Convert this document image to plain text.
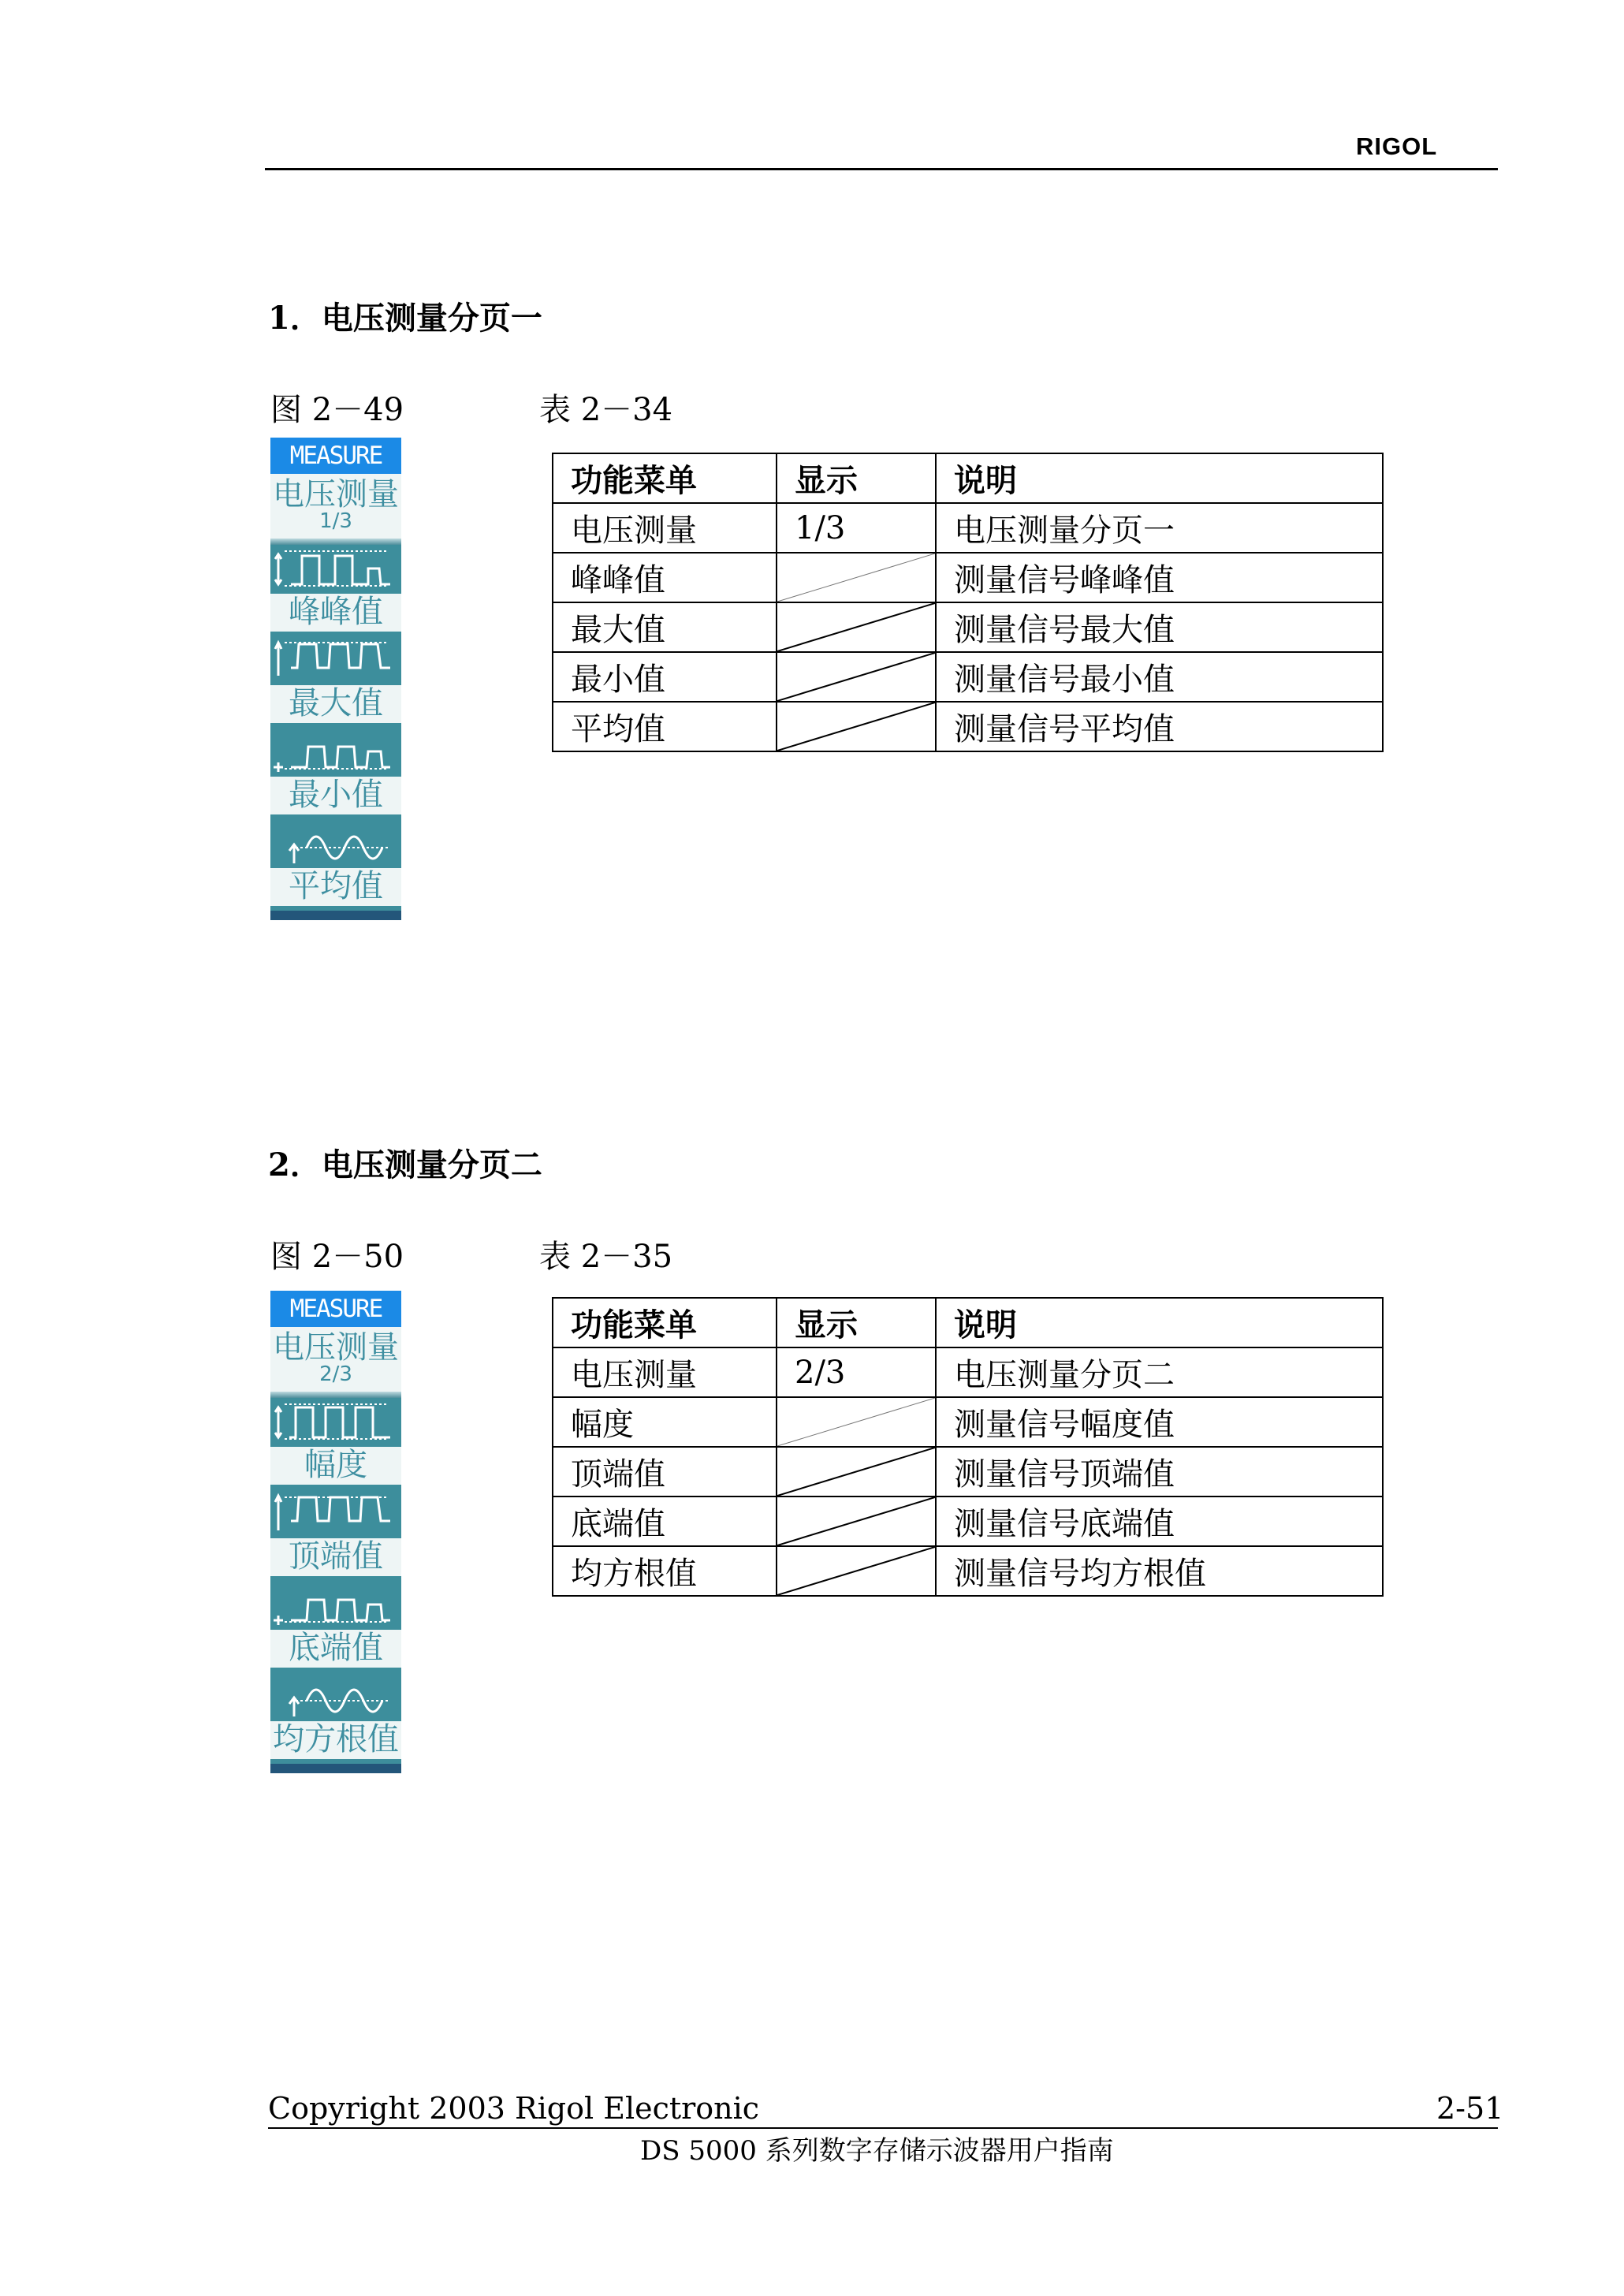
RIGOL
1．电压测量分页一
图 2－49	表 2－34
MEASURE
电压测量
1/3
峰峰值
最大值
最小值
平均值
功能菜单	显示	说明
电压测量	1/3	电压测量分页一
峰峰值		测量信号峰峰值
最大值		测量信号最大值
最小值		测量信号最小值
平均值		测量信号平均值
2．电压测量分页二
图 2－50	表 2－35
MEASURE
电压测量
2/3
幅度
顶端值
底端值
均方根值
功能菜单	显示	说明
电压测量	2/3	电压测量分页二
幅度		测量信号幅度值
顶端值		测量信号顶端值
底端值		测量信号底端值
均方根值		测量信号均方根值
Copyright 2003 Rigol Electronic	2-51
DS 5000 系列数字存储示波器用户指南
